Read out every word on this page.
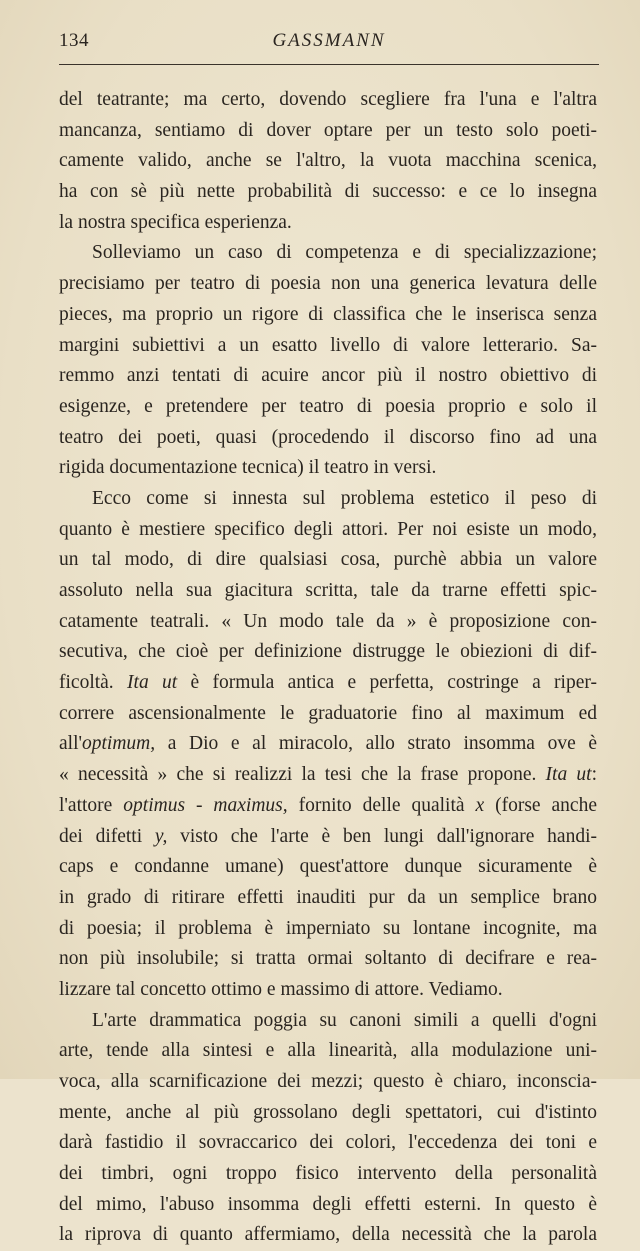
134	GASSMANN
del teatrante; ma certo, dovendo scegliere fra l'una e l'altra
mancanza, sentiamo di dover optare per un testo solo poeti-
camente valido, anche se l'altro, la vuota macchina scenica,
ha con sè più nette probabilità di successo: e ce lo insegna
la nostra specifica esperienza.
Solleviamo un caso di competenza e di specializzazione;
precisiamo per teatro di poesia non una generica levatura delle
pieces, ma proprio un rigore di classifica che le inserisca senza
margini subiettivi a un esatto livello di valore letterario. Sa-
remmo anzi tentati di acuire ancor più il nostro obiettivo di
esigenze, e pretendere per teatro di poesia proprio e solo il
teatro dei poeti, quasi (procedendo il discorso fino ad una
rigida documentazione tecnica) il teatro in versi.
Ecco come si innesta sul problema estetico il peso di
quanto è mestiere specifico degli attori. Per noi esiste un modo,
un tal modo, di dire qualsiasi cosa, purchè abbia un valore
assoluto nella sua giacitura scritta, tale da trarne effetti spic-
catamente teatrali. « Un modo tale da » è proposizione con-
secutiva, che cioè per definizione distrugge le obiezioni di dif-
ficoltà. Ita ut è formula antica e perfetta, costringe a riper-
correre ascensionalmente le graduatorie fino al maximum ed
all'optimum, a Dio e al miracolo, allo strato insomma ove è
« necessità » che si realizzi la tesi che la frase propone. Ita ut:
l'attore optimus - maximus, fornito delle qualità x (forse anche
dei difetti y, visto che l'arte è ben lungi dall'ignorare handi-
caps e condanne umane) quest'attore dunque sicuramente è
in grado di ritirare effetti inauditi pur da un semplice brano
di poesia; il problema è imperniato su lontane incognite, ma
non più insolubile; si tratta ormai soltanto di decifrare e rea-
lizzare tal concetto ottimo e massimo di attore. Vediamo.
L'arte drammatica poggia su canoni simili a quelli d'ogni
arte, tende alla sintesi e alla linearità, alla modulazione uni-
voca, alla scarnificazione dei mezzi; questo è chiaro, inconscia-
mente, anche al più grossolano degli spettatori, cui d'istinto
darà fastidio il sovraccarico dei colori, l'eccedenza dei toni e
dei timbri, ogni troppo fisico intervento della personalità
del mimo, l'abuso insomma degli effetti esterni. In questo è
la riprova di quanto affermiamo, della necessità che la parola
